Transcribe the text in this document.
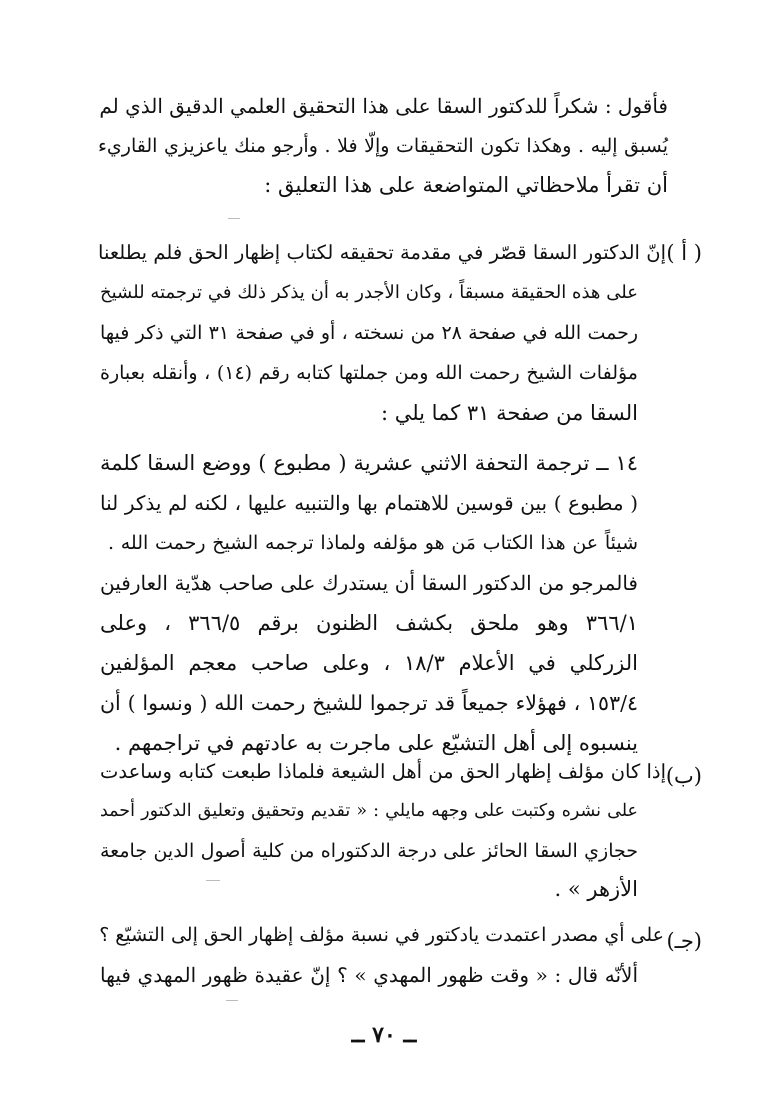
فأقول : شكراً للدكتور السقا على هذا التحقيق العلمي الدقيق الذي لم
يُسبق إليه . وهكذا تكون التحقيقات وإلّا فلا . وأرجو منك ياعزيزي القاريء
أن تقرأ ملاحظاتي المتواضعة على هذا التعليق :
( أ )
إنّ الدكتور السقا قصّر في مقدمة تحقيقه لكتاب إظهار الحق فلم يطلعنا
على هذه الحقيقة مسبقاً ، وكان الأجدر به أن يذكر ذلك في ترجمته للشيخ
رحمت الله في صفحة ٢٨ من نسخته ، أو في صفحة ٣١ التي ذكر فيها
مؤلفات الشيخ رحمت الله ومن جملتها كتابه رقم (١٤) ، وأنقله بعبارة
السقا من صفحة ٣١ كما يلي :
١٤ ــ ترجمة التحفة الاثني عشرية ( مطبوع ) ووضع السقا كلمة
( مطبوع ) بين قوسين للاهتمام بها والتنبيه عليها ، لكنه لم يذكر لنا
شيئاً عن هذا الكتاب مَن هو مؤلفه ولماذا ترجمه الشيخ رحمت الله .
فالمرجو من الدكتور السقا أن يستدرك على صاحب هدّية العارفين
٣٦٦/١ وهو ملحق بكشف الظنون برقم ٣٦٦/٥ ، وعلى
الزركلي في الأعلام ١٨/٣ ، وعلى صاحب معجم المؤلفين
١٥٣/٤ ، فهؤلاء جميعاً قد ترجموا للشيخ رحمت الله ( ونسوا ) أن
ينسبوه إلى أهل التشيّع على ماجرت به عادتهم في تراجمهم .
(ب)
إذا كان مؤلف إظهار الحق من أهل الشيعة فلماذا طبعت كتابه وساعدت
على نشره وكتبت على وجهه مايلي : « تقديم وتحقيق وتعليق الدكتور أحمد
حجازي السقا الحائز على درجة الدكتوراه من كلية أصول الدين جامعة
الأزهر » .
(جـ)
على أي مصدر اعتمدت يادكتور في نسبة مؤلف إظهار الحق إلى التشيّع ؟
ألأنّه قال : « وقت ظهور المهدي » ؟ إنّ عقيدة ظهور المهدي فيها
ــ ٧٠ ــ
